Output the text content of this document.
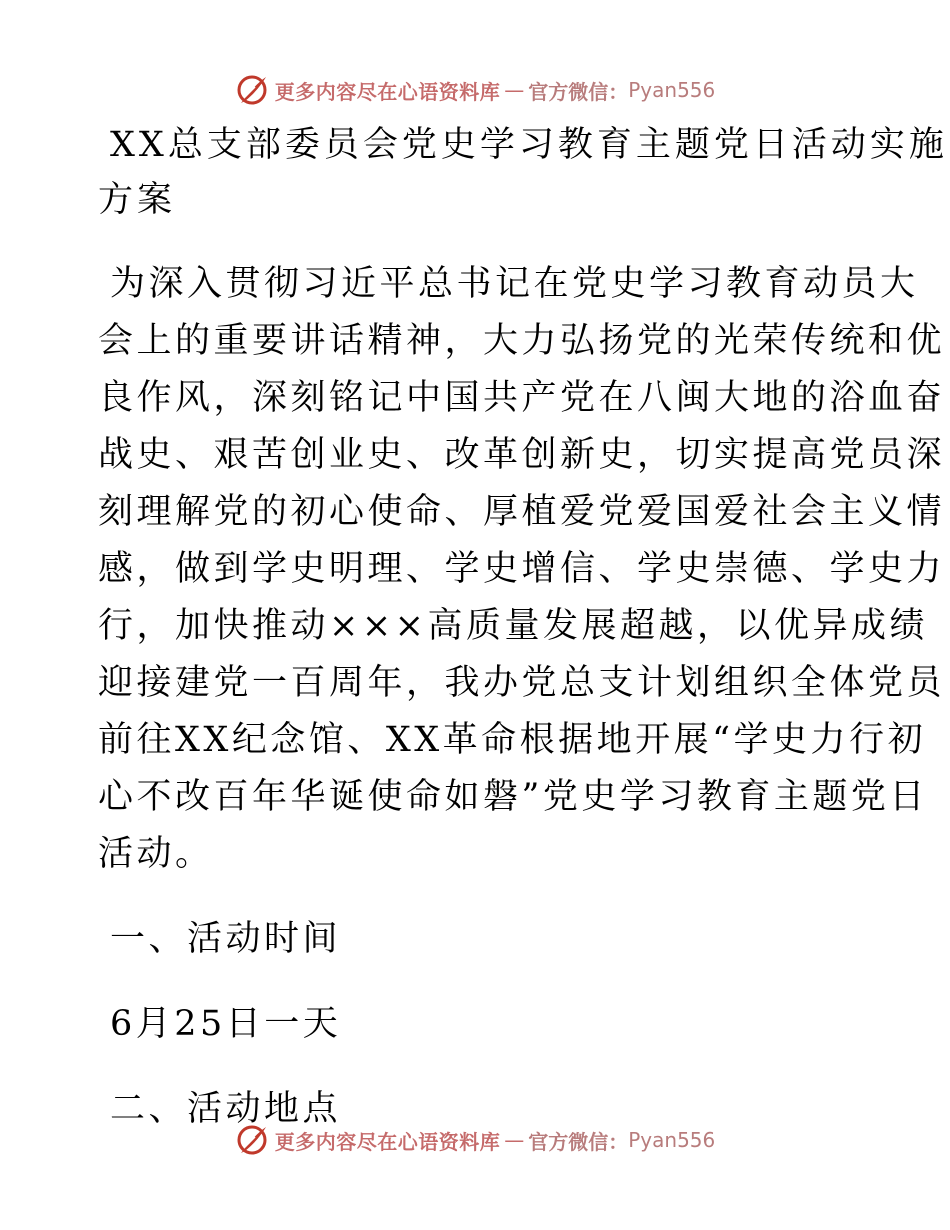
更多内容尽在心语资料库 — 官方微信： Pyan556
XX总支部委员会党史学习教育主题党日活动实施
方案
为深入贯彻习近平总书记在党史学习教育动员大
会上的重要讲话精神，大力弘扬党的光荣传统和优
良作风，深刻铭记中国共产党在八闽大地的浴血奋
战史、艰苦创业史、改革创新史，切实提高党员深
刻理解党的初心使命、厚植爱党爱国爱社会主义情
感，做到学史明理、学史增信、学史崇德、学史力
行，加快推动×××高质量发展超越，以优异成绩
迎接建党一百周年，我办党总支计划组织全体党员
前往XX纪念馆、XX革命根据地开展“学史力行初
心不改百年华诞使命如磐”党史学习教育主题党日
活动。
一、活动时间
6月25日一天
二、活动地点
更多内容尽在心语资料库 — 官方微信： Pyan556
